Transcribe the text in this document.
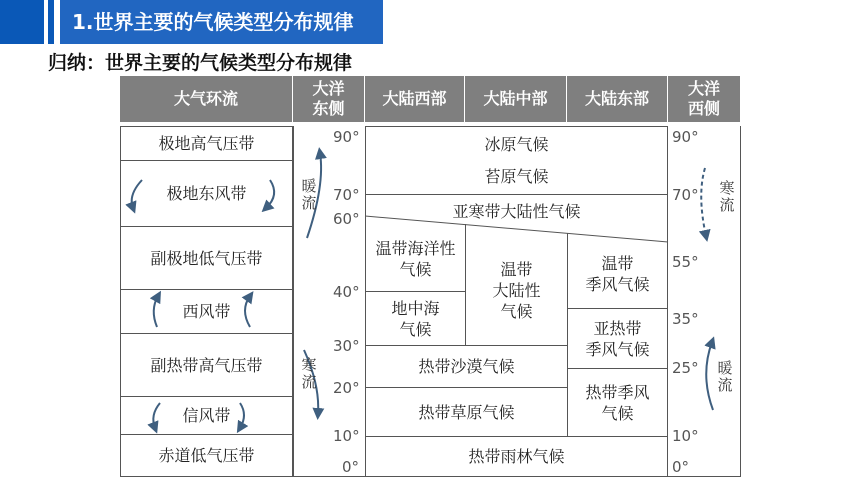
1.世界主要的气候类型分布规律
归纳：世界主要的气候类型分布规律
大气环流
大洋
东侧
大陆西部	大陆中部	大陆东部
大洋
西侧
极地高气压带
极地东风带
副极地低气压带
西风带
副热带高气压带
信风带
赤道低气压带
暖
流
寒
流
寒
流
暖
流
90°
70°
60°
40°
30°
20°
10°
0°
90°
70°
55°
35°
25°
10°
0°
冰原气候
苔原气候
亚寒带大陆性气候
温带海洋性
气候
地中海
气候
温带
大陆性
气候
温带
季风气候
亚热带
季风气候
热带沙漠气候
热带草原气候
热带季风
气候
热带雨林气候
